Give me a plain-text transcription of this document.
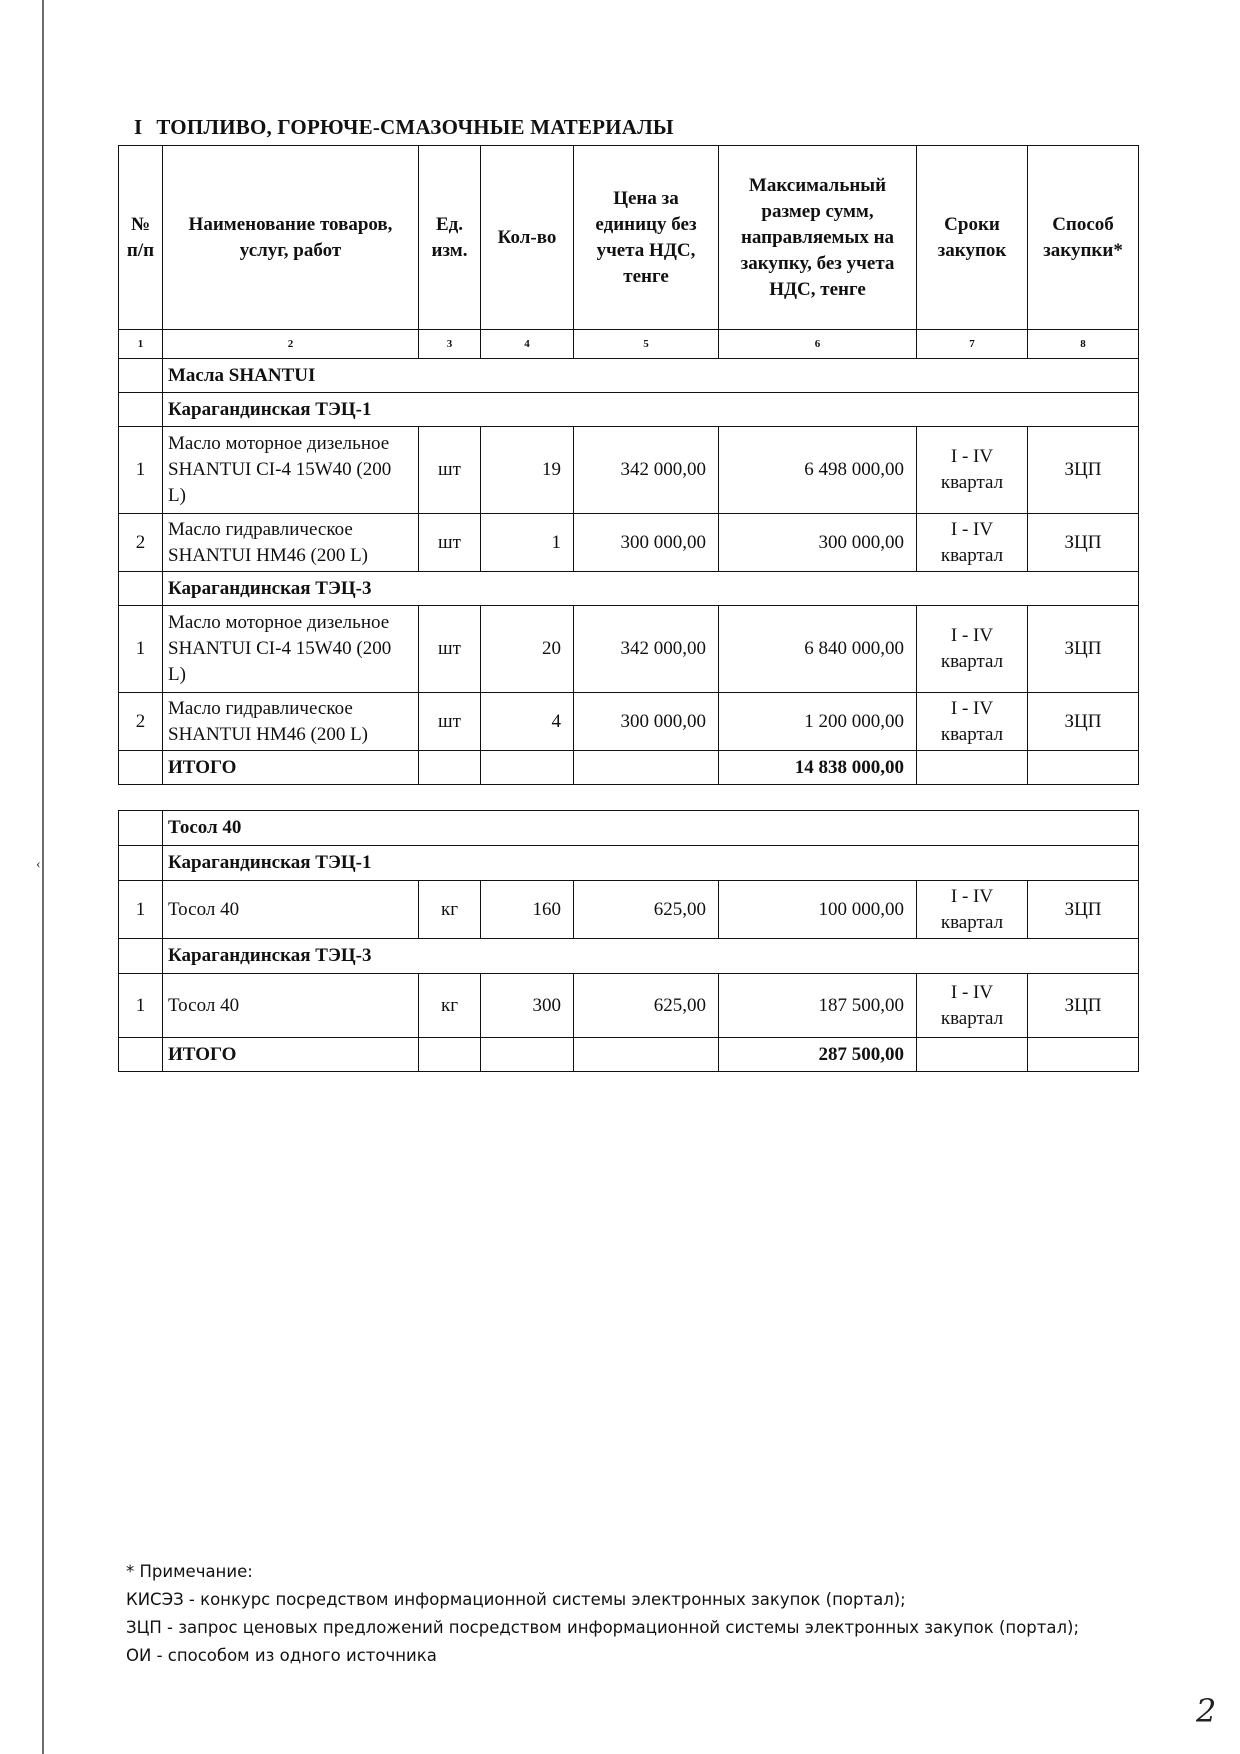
‹
I ТОПЛИВО, ГОРЮЧЕ-СМАЗОЧНЫЕ МАТЕРИАЛЫ
№ п/п	Наименование товаров, услуг, работ	Ед. изм.	Кол-во	Цена за единицу без учета НДС, тенге	Максимальный размер сумм, направляемых на закупку, без учета НДС, тенге	Сроки закупок	Способ закупки*
1	2	3	4	5	6	7	8
	Масла SHANTUI						
	Карагандинская ТЭЦ-1						
1	Масло моторное дизельное SHANTUI CI-4 15W40 (200 L)	шт	19	342 000,00	6 498 000,00	I - IV квартал	ЗЦП
2	Масло гидравлическое SHANTUI HM46 (200 L)	шт	1	300 000,00	300 000,00	I - IV квартал	ЗЦП
	Карагандинская ТЭЦ-3						
1	Масло моторное дизельное SHANTUI CI-4 15W40 (200 L)	шт	20	342 000,00	6 840 000,00	I - IV квартал	ЗЦП
2	Масло гидравлическое SHANTUI HM46 (200 L)	шт	4	300 000,00	1 200 000,00	I - IV квартал	ЗЦП
	ИТОГО				14 838 000,00		
	Тосол 40						
	Карагандинская ТЭЦ-1						
1	Тосол 40	кг	160	625,00	100 000,00	I - IV квартал	ЗЦП
	Карагандинская ТЭЦ-3						
1	Тосол 40	кг	300	625,00	187 500,00	I - IV квартал	ЗЦП
	ИТОГО				287 500,00		
* Примечание:
КИСЭЗ - конкурс посредством информационной системы электронных закупок (портал);
ЗЦП - запрос ценовых предложений посредством информационной системы электронных закупок (портал);
ОИ - способом из одного источника
2
